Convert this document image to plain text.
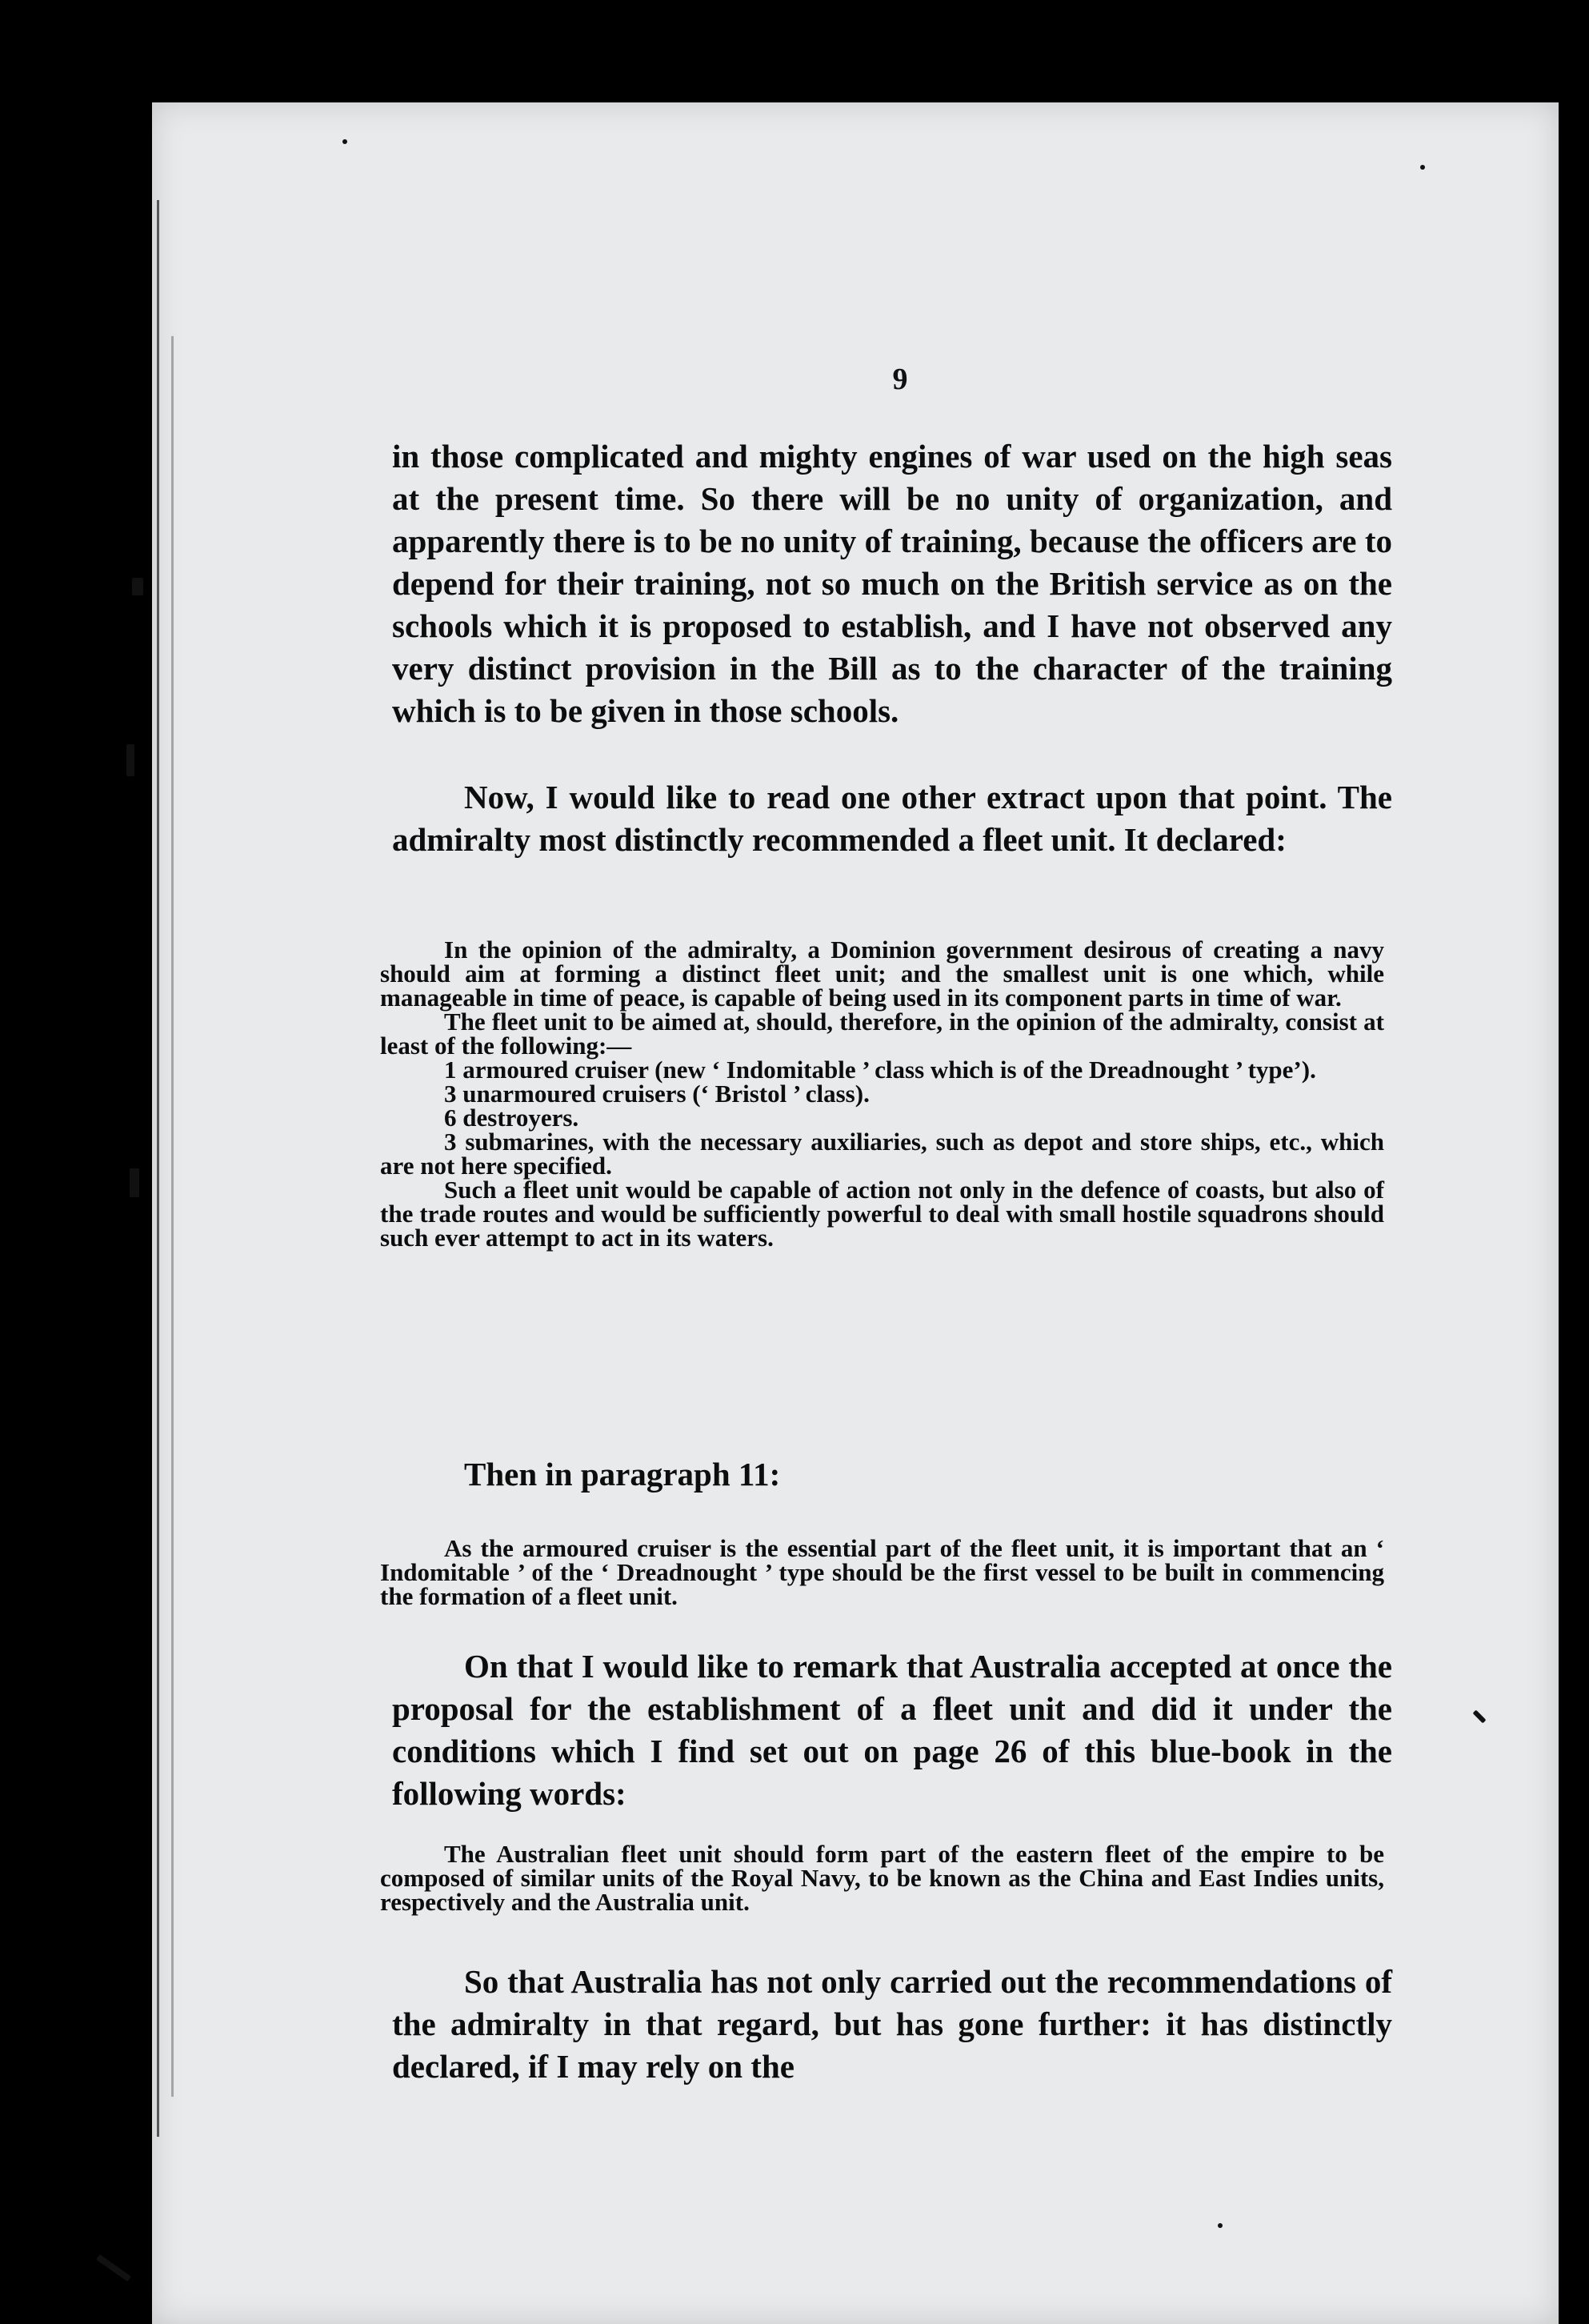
9
in those complicated and mighty engines of war used on the high seas at the present time. So there will be no unity of organization, and apparently there is to be no unity of training, because the officers are to depend for their training, not so much on the British service as on the schools which it is proposed to establish, and I have not observed any very distinct provision in the Bill as to the character of the training which is to be given in those schools.
Now, I would like to read one other extract upon that point. The admiralty most distinctly recommended a fleet unit. It declared:

In the opinion of the admiralty, a Dominion government desirous of creating a navy should aim at forming a distinct fleet unit; and the smallest unit is one which, while manageable in time of peace, is capable of being used in its component parts in time of war.

The fleet unit to be aimed at, should, therefore, in the opinion of the admiralty, consist at least of the following:—

1 armoured cruiser (new ‘ Indomitable ’ class which is of the Dreadnought ’ type’).

3 unarmoured cruisers (‘ Bristol ’ class).

6 destroyers.

3 submarines, with the necessary auxiliaries, such as depot and store ships, etc., which are not here specified.

Such a fleet unit would be capable of action not only in the defence of coasts, but also of the trade routes and would be sufficiently powerful to deal with small hostile squadrons should such ever attempt to act in its waters.

Then in paragraph 11:

As the armoured cruiser is the essential part of the fleet unit, it is important that an ‘ Indomitable ’ of the ‘ Dreadnought ’ type should be the first vessel to be built in commencing the formation of a fleet unit.

On that I would like to remark that Australia accepted at once the proposal for the establishment of a fleet unit and did it under the conditions which I find set out on page 26 of this blue-book in the following words:

The Australian fleet unit should form part of the eastern fleet of the empire to be composed of similar units of the Royal Navy, to be known as the China and East Indies units, respectively and the Australia unit.

So that Australia has not only carried out the recommendations of the admiralty in that regard, but has gone further: it has distinctly declared, if I may rely on the
